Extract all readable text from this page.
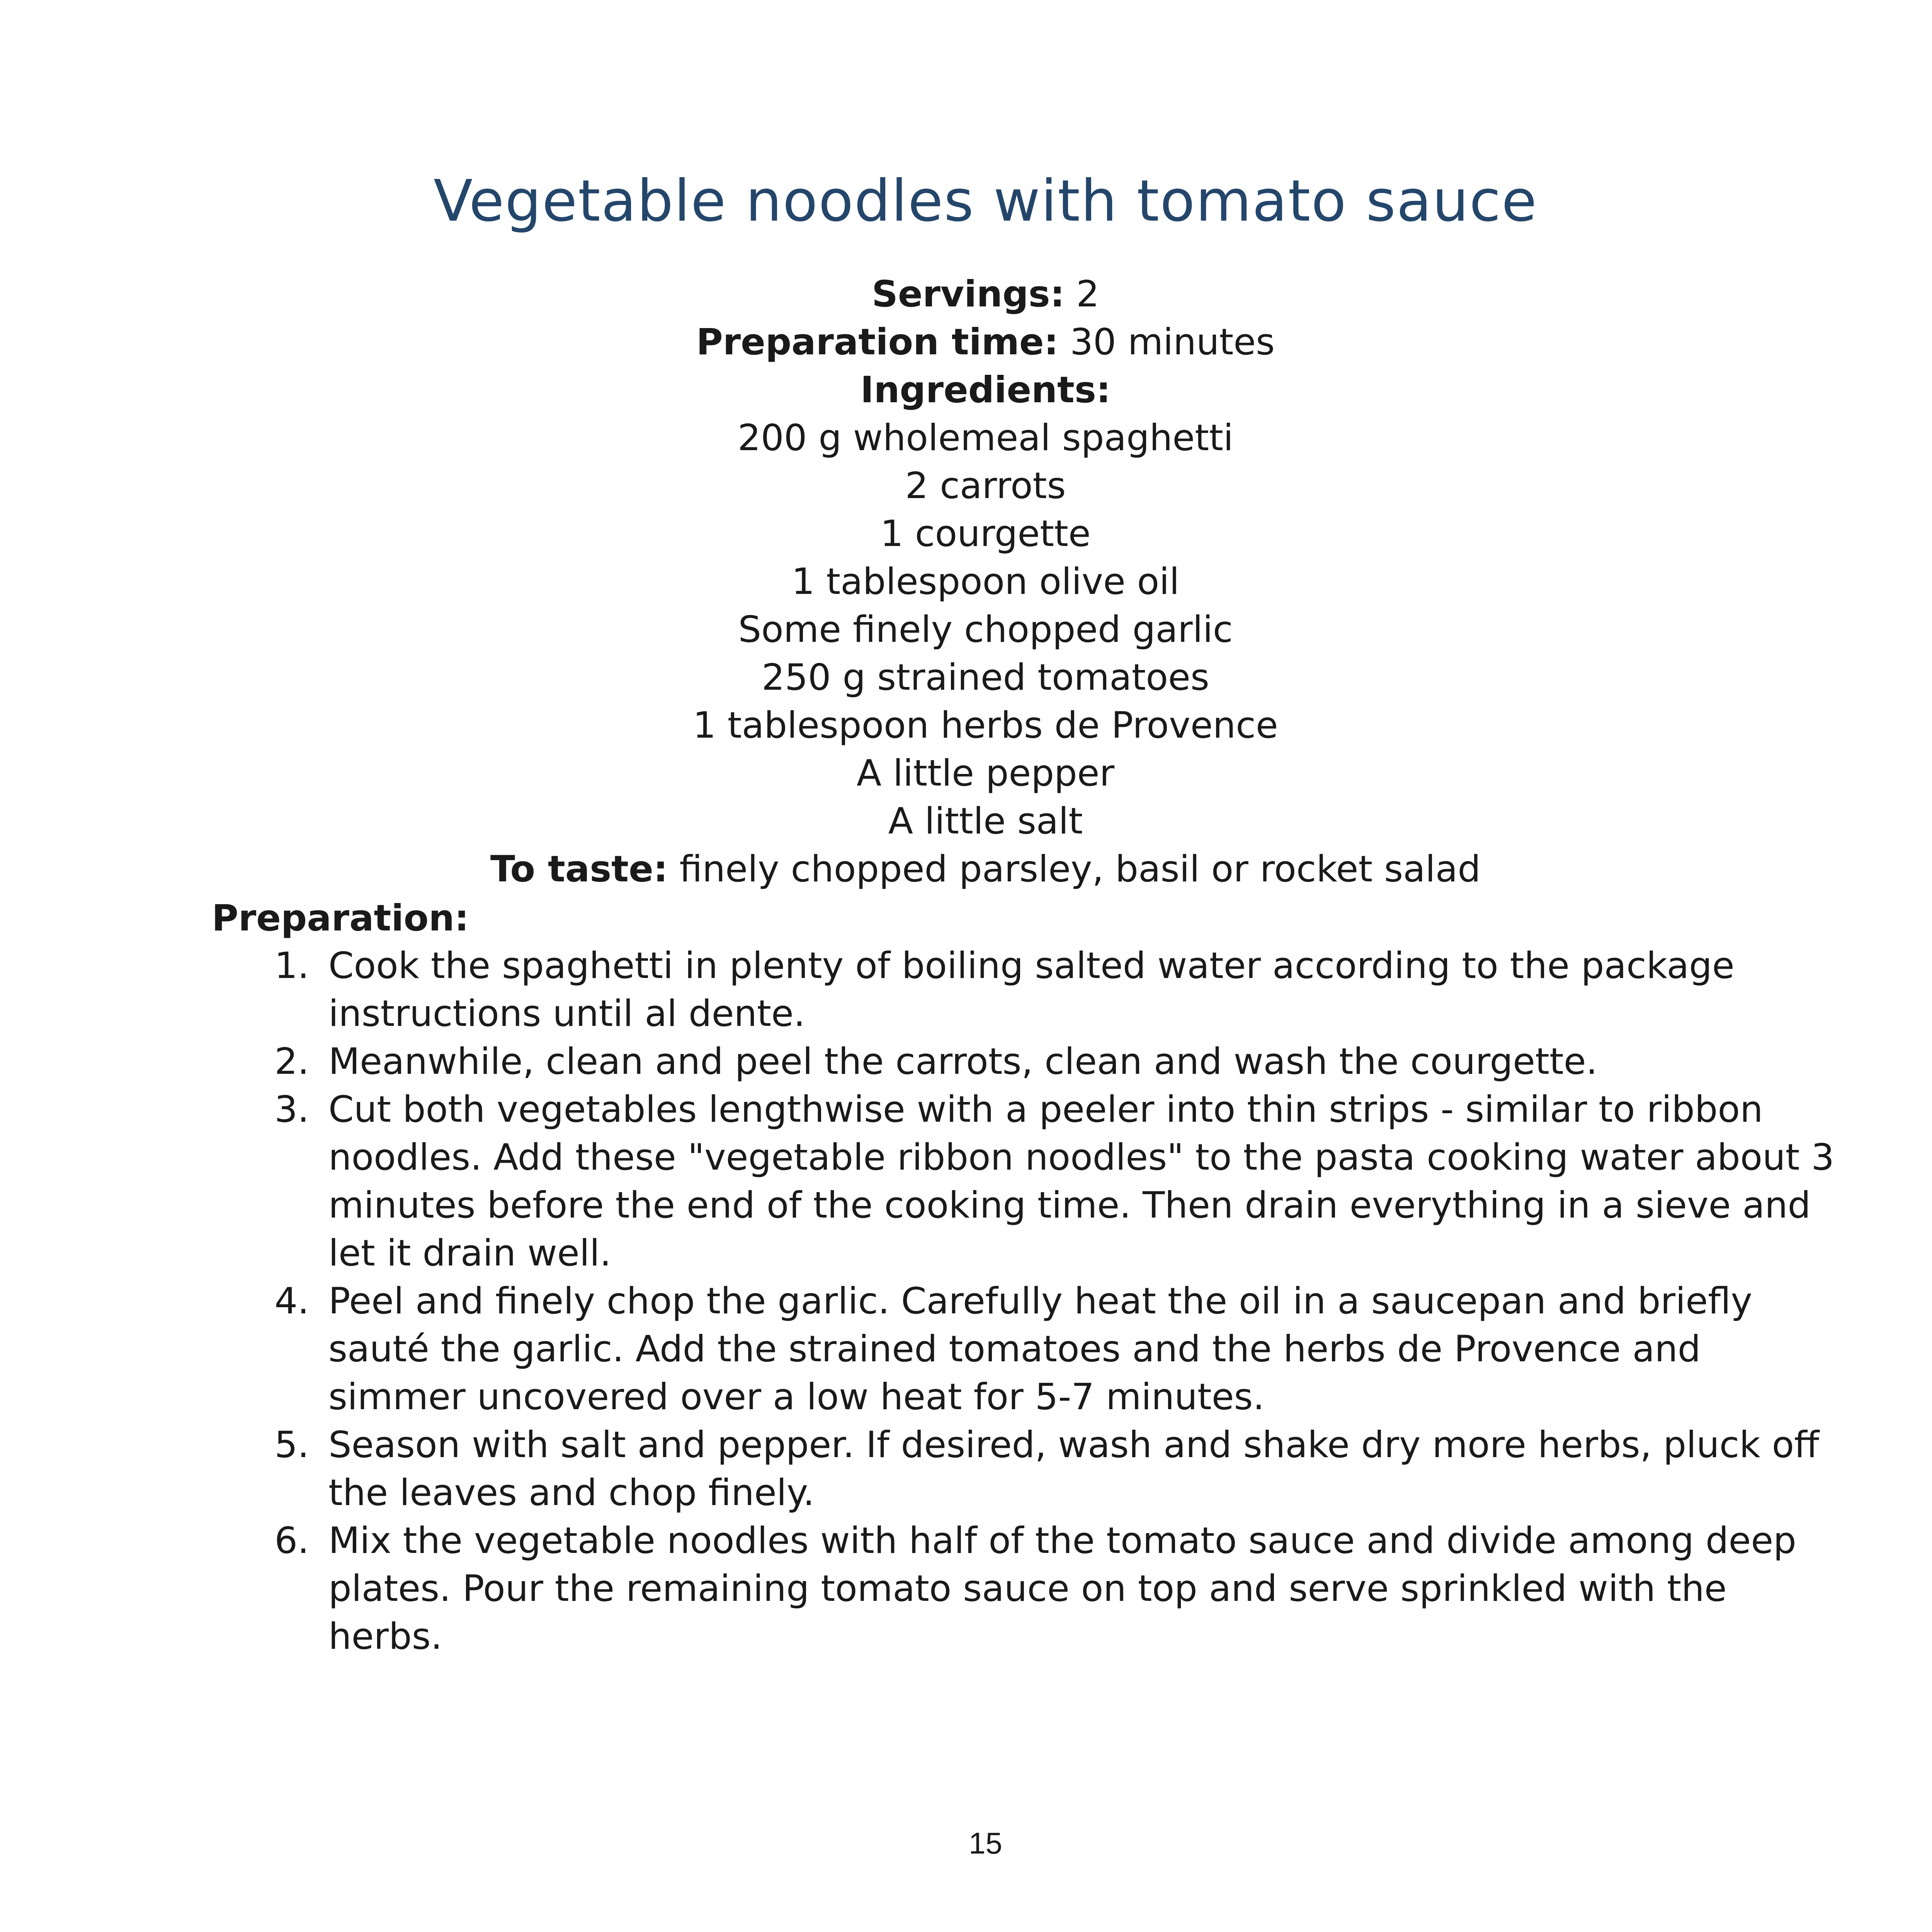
Vegetable noodles with tomato sauce
Servings: 2
Preparation time: 30 minutes
Ingredients:
200 g wholemeal spaghetti
2 carrots
1 courgette
1 tablespoon olive oil
Some finely chopped garlic
250 g strained tomatoes
1 tablespoon herbs de Provence
A little pepper
A little salt
To taste: finely chopped parsley, basil or rocket salad
Preparation:
1. Cook the spaghetti in plenty of boiling salted water according to the package instructions until al dente.
2. Meanwhile, clean and peel the carrots, clean and wash the courgette.
3. Cut both vegetables lengthwise with a peeler into thin strips - similar to ribbon noodles. Add these "vegetable ribbon noodles" to the pasta cooking water about 3 minutes before the end of the cooking time. Then drain everything in a sieve and let it drain well.
4. Peel and finely chop the garlic. Carefully heat the oil in a saucepan and briefly sauté the garlic. Add the strained tomatoes and the herbs de Provence and simmer uncovered over a low heat for 5-7 minutes.
5. Season with salt and pepper. If desired, wash and shake dry more herbs, pluck off the leaves and chop finely.
6. Mix the vegetable noodles with half of the tomato sauce and divide among deep plates. Pour the remaining tomato sauce on top and serve sprinkled with the herbs.
15
